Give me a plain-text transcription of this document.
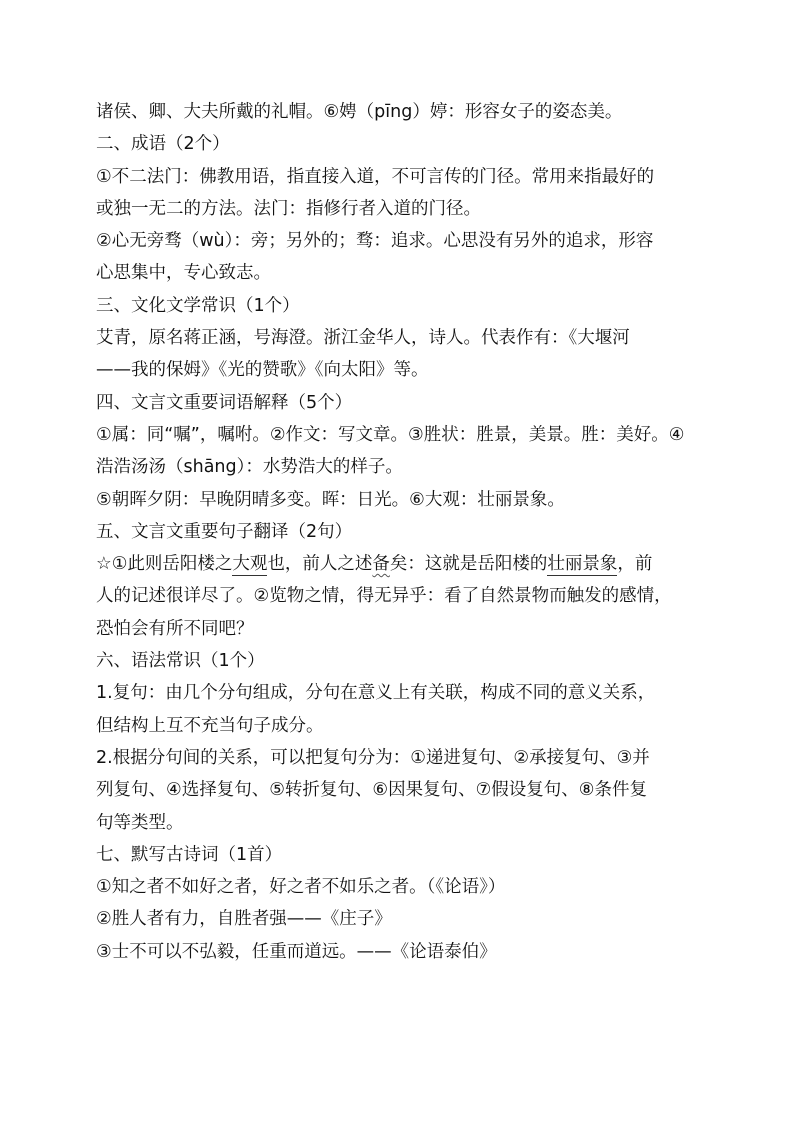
诸侯、卿、大夫所戴的礼帽。⑥娉（pīng）婷：形容女子的姿态美。
二、成语（2个）
①不二法门：佛教用语，指直接入道，不可言传的门径。常用来指最好的
或独一无二的方法。法门：指修行者入道的门径。
②心无旁骛（wù）：旁；另外的；骛：追求。心思没有另外的追求，形容
心思集中，专心致志。
三、文化文学常识（1个）
艾青，原名蒋正涵，号海澄。浙江金华人，诗人。代表作有：《大堰河
——我的保姆》《光的赞歌》《向太阳》等。
四、文言文重要词语解释（5个）
①属：同“嘱”，嘱咐。②作文：写文章。③胜状：胜景，美景。胜：美好。④
浩浩汤汤（shāng）：水势浩大的样子。
⑤朝晖夕阴：早晚阴晴多变。晖：日光。⑥大观：壮丽景象。
五、文言文重要句子翻译（2句）
☆①此则岳阳楼之大观也，前人之述备矣：这就是岳阳楼的壮丽景象，前
人的记述很详尽了。②览物之情，得无异乎：看了自然景物而触发的感情，
恐怕会有所不同吧？
六、语法常识（1个）
1.复句：由几个分句组成，分句在意义上有关联，构成不同的意义关系，
但结构上互不充当句子成分。
2.根据分句间的关系，可以把复句分为：①递进复句、②承接复句、③并
列复句、④选择复句、⑤转折复句、⑥因果复句、⑦假设复句、⑧条件复
句等类型。
七、默写古诗词（1首）
①知之者不如好之者，好之者不如乐之者。（《论语》）
②胜人者有力，自胜者强——《庄子》
③士不可以不弘毅，任重而道远。——《论语泰伯》
